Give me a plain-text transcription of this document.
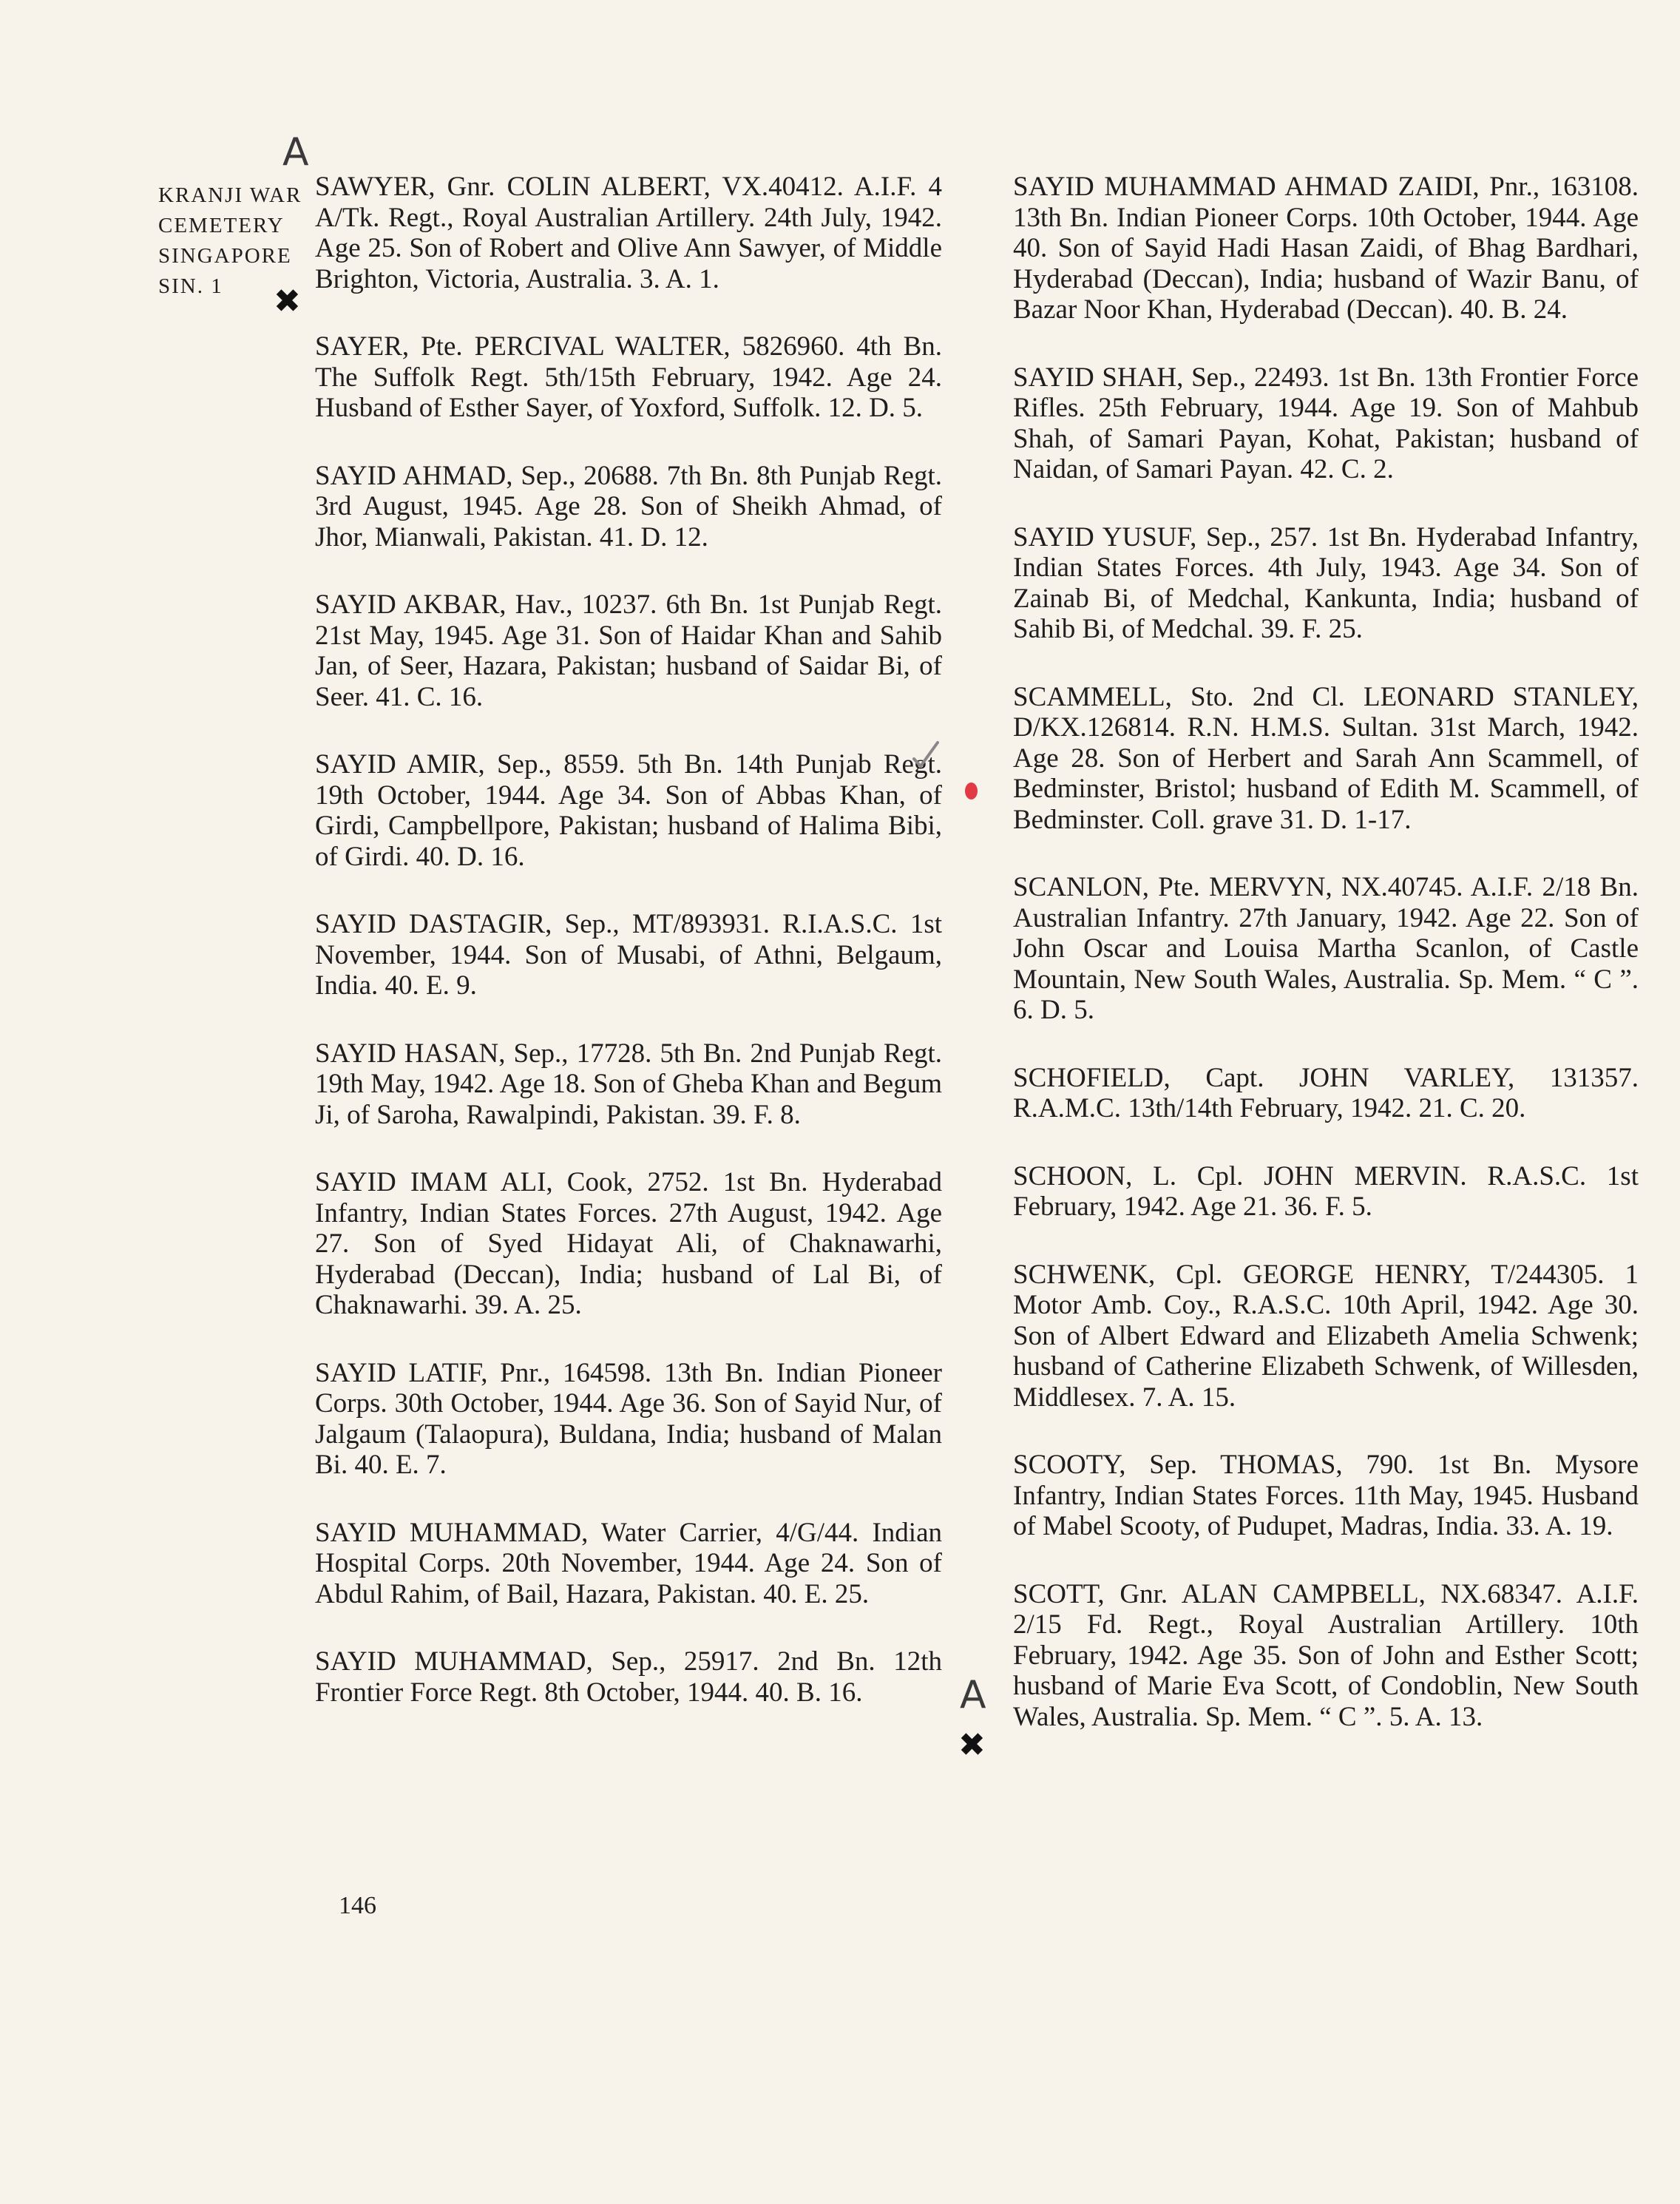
KRANJI WAR
CEMETERY
SINGAPORE
SIN. 1

SAWYER, Gnr. COLIN ALBERT, VX.40412. A.I.F. 4 A/Tk. Regt., Royal Australian Artillery. 24th July, 1942. Age 25. Son of Robert and Olive Ann Sawyer, of Middle Brighton, Victoria, Australia. 3. A. 1.

SAYER, Pte. PERCIVAL WALTER, 5826960. 4th Bn. The Suffolk Regt. 5th/15th February, 1942. Age 24. Husband of Esther Sayer, of Yoxford, Suffolk. 12. D. 5.

SAYID AHMAD, Sep., 20688. 7th Bn. 8th Punjab Regt. 3rd August, 1945. Age 28. Son of Sheikh Ahmad, of Jhor, Mianwali, Pakistan. 41. D. 12.

SAYID AKBAR, Hav., 10237. 6th Bn. 1st Punjab Regt. 21st May, 1945. Age 31. Son of Haidar Khan and Sahib Jan, of Seer, Hazara, Pakistan; husband of Saidar Bi, of Seer. 41. C. 16.

SAYID AMIR, Sep., 8559. 5th Bn. 14th Punjab Regt. 19th October, 1944. Age 34. Son of Abbas Khan, of Girdi, Campbellpore, Pakistan; husband of Halima Bibi, of Girdi. 40. D. 16.

SAYID DASTAGIR, Sep., MT/893931. R.I.A.S.C. 1st November, 1944. Son of Musabi, of Athni, Belgaum, India. 40. E. 9.

SAYID HASAN, Sep., 17728. 5th Bn. 2nd Punjab Regt. 19th May, 1942. Age 18. Son of Gheba Khan and Begum Ji, of Saroha, Rawalpindi, Pakistan. 39. F. 8.

SAYID IMAM ALI, Cook, 2752. 1st Bn. Hyderabad Infantry, Indian States Forces. 27th August, 1942. Age 27. Son of Syed Hidayat Ali, of Chaknawarhi, Hyderabad (Deccan), India; husband of Lal Bi, of Chaknawarhi. 39. A. 25.

SAYID LATIF, Pnr., 164598. 13th Bn. Indian Pioneer Corps. 30th October, 1944. Age 36. Son of Sayid Nur, of Jalgaum (Talaopura), Buldana, India; husband of Malan Bi. 40. E. 7.

SAYID MUHAMMAD, Water Carrier, 4/G/44. Indian Hospital Corps. 20th November, 1944. Age 24. Son of Abdul Rahim, of Bail, Hazara, Pakistan. 40. E. 25.

SAYID MUHAMMAD, Sep., 25917. 2nd Bn. 12th Frontier Force Regt. 8th October, 1944. 40. B. 16.

SAYID MUHAMMAD AHMAD ZAIDI, Pnr., 163108. 13th Bn. Indian Pioneer Corps. 10th October, 1944. Age 40. Son of Sayid Hadi Hasan Zaidi, of Bhag Bardhari, Hyderabad (Deccan), India; husband of Wazir Banu, of Bazar Noor Khan, Hyderabad (Deccan). 40. B. 24.

SAYID SHAH, Sep., 22493. 1st Bn. 13th Frontier Force Rifles. 25th February, 1944. Age 19. Son of Mahbub Shah, of Samari Payan, Kohat, Pakistan; husband of Naidan, of Samari Payan. 42. C. 2.

SAYID YUSUF, Sep., 257. 1st Bn. Hyderabad Infantry, Indian States Forces. 4th July, 1943. Age 34. Son of Zainab Bi, of Medchal, Kankunta, India; husband of Sahib Bi, of Medchal. 39. F. 25.

SCAMMELL, Sto. 2nd Cl. LEONARD STANLEY, D/KX.126814. R.N. H.M.S. Sultan. 31st March, 1942. Age 28. Son of Herbert and Sarah Ann Scammell, of Bedminster, Bristol; husband of Edith M. Scammell, of Bedminster. Coll. grave 31. D. 1-17.

SCANLON, Pte. MERVYN, NX.40745. A.I.F. 2/18 Bn. Australian Infantry. 27th January, 1942. Age 22. Son of John Oscar and Louisa Martha Scanlon, of Castle Mountain, New South Wales, Australia. Sp. Mem. “ C ”. 6. D. 5.

SCHOFIELD, Capt. JOHN VARLEY, 131357. R.A.M.C. 13th/14th February, 1942. 21. C. 20.

SCHOON, L. Cpl. JOHN MERVIN. R.A.S.C. 1st February, 1942. Age 21. 36. F. 5.

SCHWENK, Cpl. GEORGE HENRY, T/244305. 1 Motor Amb. Coy., R.A.S.C. 10th April, 1942. Age 30. Son of Albert Edward and Elizabeth Amelia Schwenk; husband of Catherine Elizabeth Schwenk, of Willesden, Middlesex. 7. A. 15.

SCOOTY, Sep. THOMAS, 790. 1st Bn. Mysore Infantry, Indian States Forces. 11th May, 1945. Husband of Mabel Scooty, of Pudupet, Madras, India. 33. A. 19.

SCOTT, Gnr. ALAN CAMPBELL, NX.68347. A.I.F. 2/15 Fd. Regt., Royal Australian Artillery. 10th February, 1942. Age 35. Son of John and Esther Scott; husband of Marie Eva Scott, of Condoblin, New South Wales, Australia. Sp. Mem. “ C ”. 5. A. 13.

146
A
✖
A
✖
